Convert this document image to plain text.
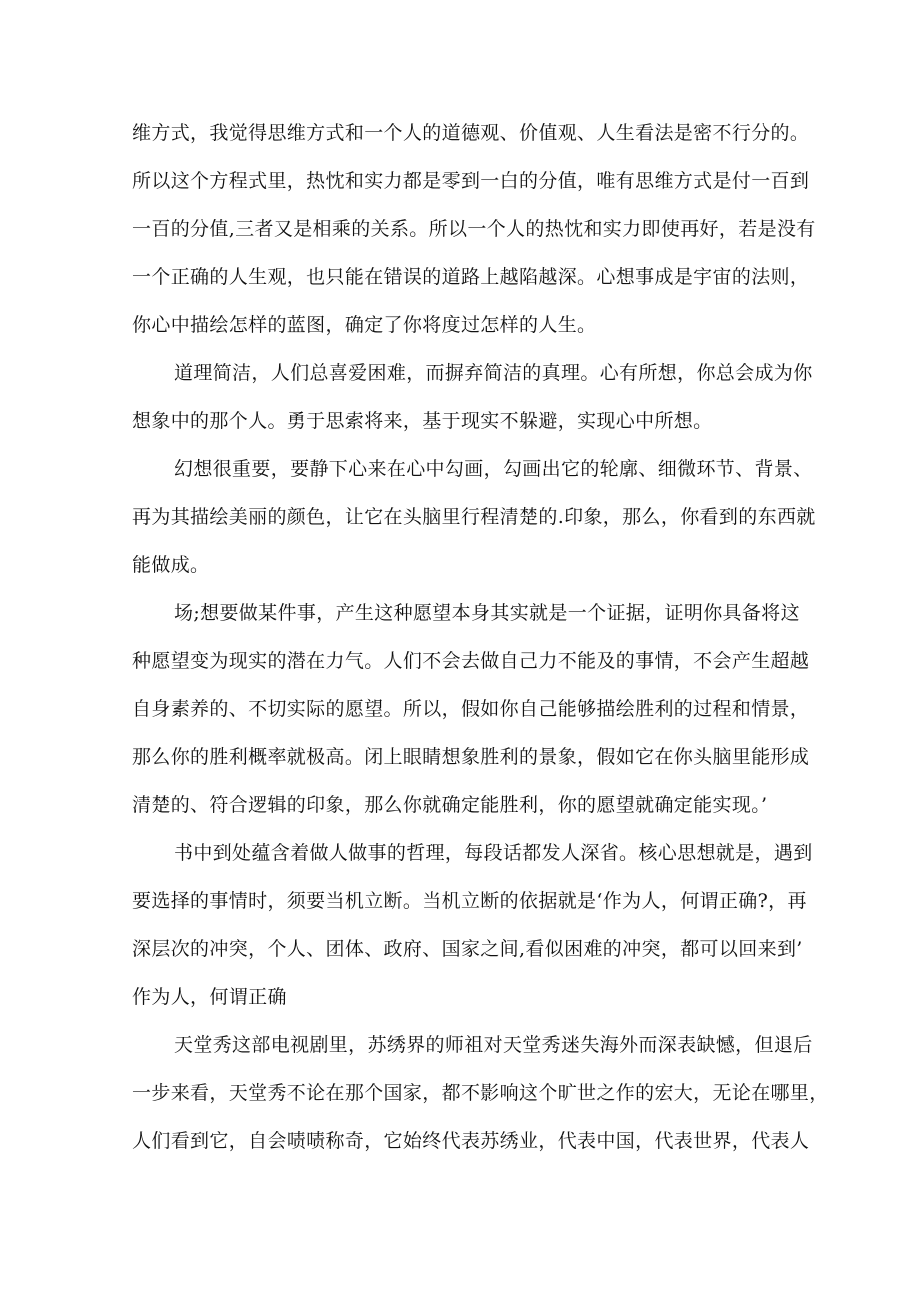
维方式，我觉得思维方式和一个人的道德观、价值观、人生看法是密不行分的。

所以这个方程式里，热忱和实力都是零到一白的分值，唯有思维方式是付一百到

一百的分值,三者又是相乘的关系。所以一个人的热忱和实力即使再好，若是没有

一个正确的人生观，也只能在错误的道路上越陷越深。心想事成是宇宙的法则，

你心中描绘怎样的蓝图，确定了你将度过怎样的人生。

道理简洁，人们总喜爱困难，而摒弃简洁的真理。心有所想，你总会成为你

想象中的那个人。勇于思索将来，基于现实不躲避，实现心中所想。

幻想很重要，要静下心来在心中勾画，勾画出它的轮廓、细微环节、背景、

再为其描绘美丽的颜色，让它在头脑里行程清楚的.印象，那么，你看到的东西就

能做成。

场;想要做某件事，产生这种愿望本身其实就是一个证据，证明你具备将这

种愿望变为现实的潜在力气。人们不会去做自己力不能及的事情，不会产生超越

自身素养的、不切实际的愿望。所以，假如你自己能够描绘胜利的过程和情景，

那么你的胜利概率就极高。闭上眼睛想象胜利的景象，假如它在你头脑里能形成

清楚的、符合逻辑的印象，那么你就确定能胜利，你的愿望就确定能实现。’

书中到处蕴含着做人做事的哲理，每段话都发人深省。核心思想就是，遇到

要选择的事情时，须要当机立断。当机立断的依据就是‘作为人，何谓正确?，再

深层次的冲突，个人、团体、政府、国家之间,看似困难的冲突，都可以回来到’

作为人，何谓正确

天堂秀这部电视剧里，苏绣界的师祖对天堂秀迷失海外而深表缺憾，但退后

一步来看，天堂秀不论在那个国家，都不影响这个旷世之作的宏大，无论在哪里，

人们看到它，自会啧啧称奇，它始终代表苏绣业，代表中国，代表世界，代表人
